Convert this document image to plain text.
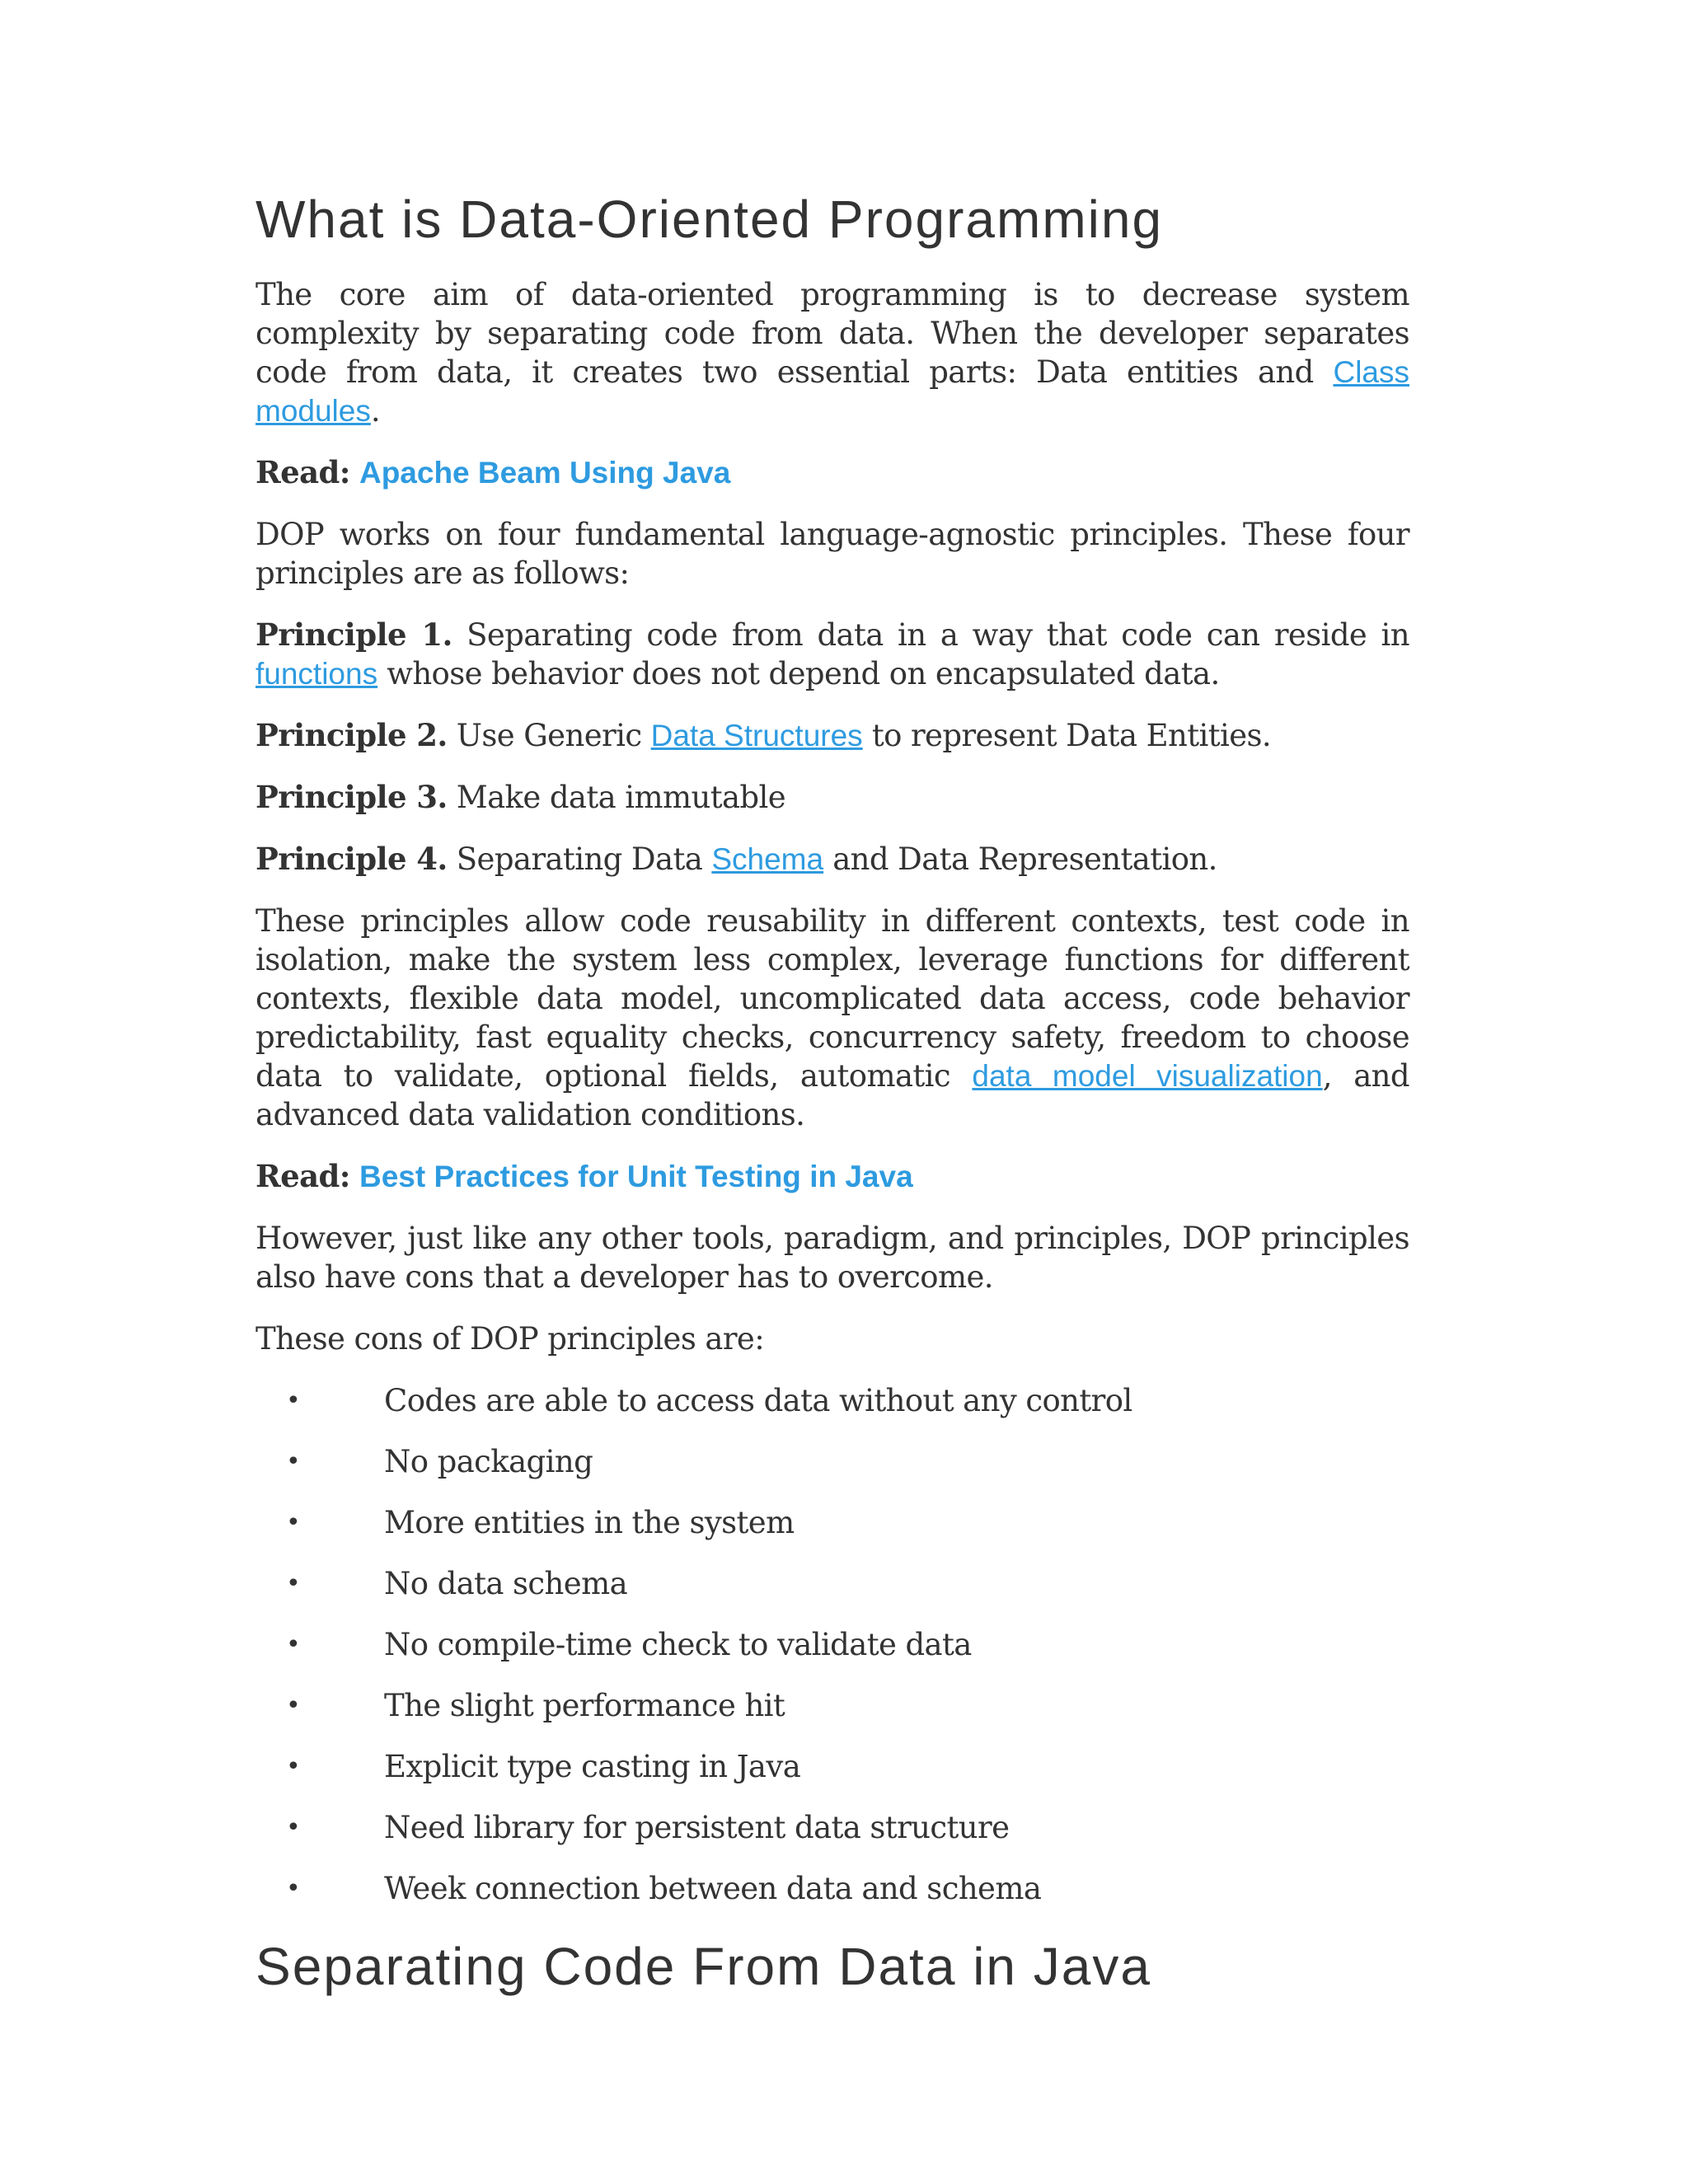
What is Data-Oriented Programming

The core aim of data-oriented programming is to decrease system complexity by separating code from data. When the developer separates code from data, it creates two essential parts: Data entities and Class modules.

Read: Apache Beam Using Java

DOP works on four fundamental language-agnostic principles. These four principles are as follows:

Principle 1. Separating code from data in a way that code can reside in functions whose behavior does not depend on encapsulated data.

Principle 2. Use Generic Data Structures to represent Data Entities.

Principle 3. Make data immutable

Principle 4. Separating Data Schema and Data Representation.

These principles allow code reusability in different contexts, test code in isolation, make the system less complex, leverage functions for different contexts, flexible data model, uncomplicated data access, code behavior predictability, fast equality checks, concurrency safety, freedom to choose data to validate, optional fields, automatic data model visualization, and advanced data validation conditions.

Read: Best Practices for Unit Testing in Java

However, just like any other tools, paradigm, and principles, DOP principles also have cons that a developer has to overcome.

These cons of DOP principles are:

•	Codes are able to access data without any control
•	No packaging
•	More entities in the system
•	No data schema
•	No compile-time check to validate data
•	The slight performance hit
•	Explicit type casting in Java
•	Need library for persistent data structure
•	Week connection between data and schema
Separating Code From Data in Java
